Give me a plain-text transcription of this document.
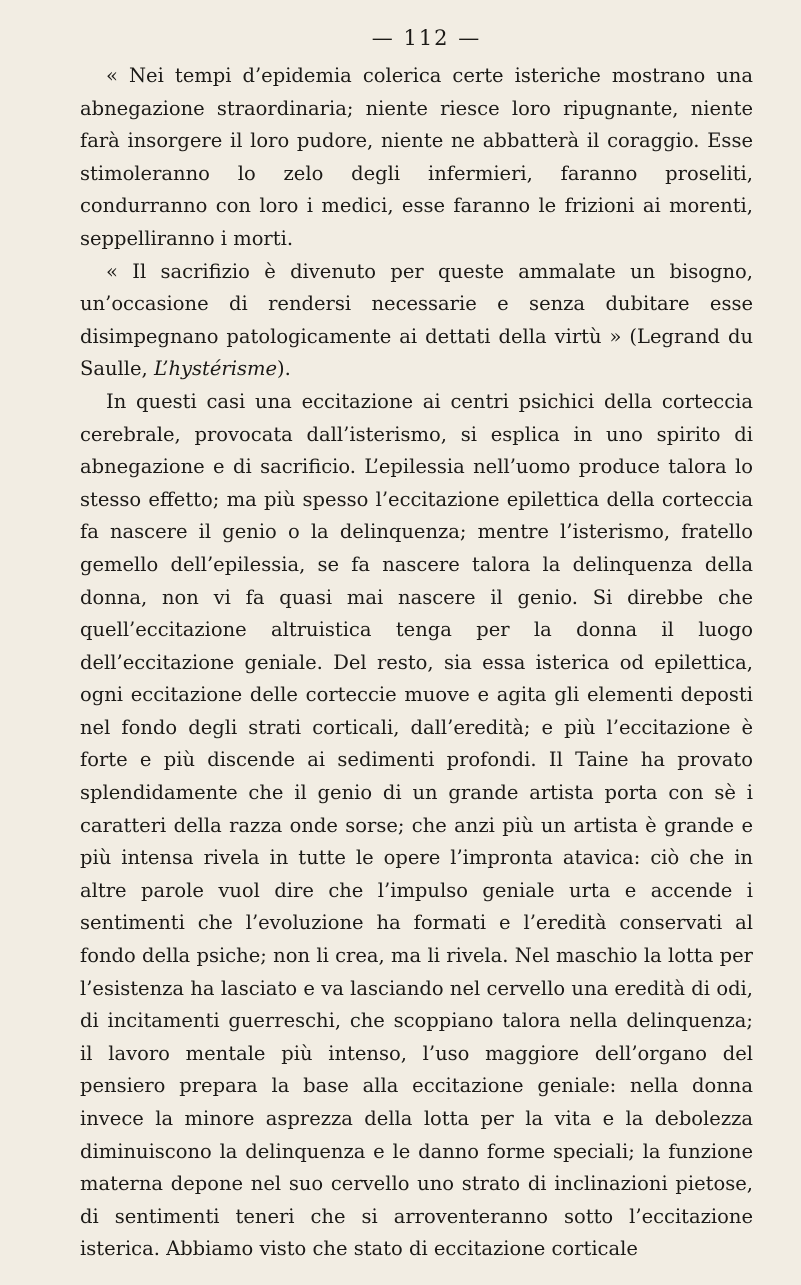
— 112 —

« Nei tempi d’epidemia colerica certe isteriche mostrano una abnegazione straordinaria; niente riesce loro ripugnante, niente farà insorgere il loro pudore, niente ne abbatterà il coraggio. Esse stimoleranno lo zelo degli infermieri, faranno proseliti, condurranno con loro i medici, esse faranno le frizioni ai morenti, seppelliranno i morti.

« Il sacrifizio è divenuto per queste ammalate un bisogno, un’occasione di rendersi necessarie e senza dubitare esse disimpegnano patologicamente ai dettati della virtù » (Legrand du Saulle, L’hystérisme).

In questi casi una eccitazione ai centri psichici della corteccia cerebrale, provocata dall’isterismo, si esplica in uno spirito di abnegazione e di sacrificio. L’epilessia nell’uomo produce talora lo stesso effetto; ma più spesso l’eccitazione epilettica della corteccia fa nascere il genio o la delinquenza; mentre l’isterismo, fratello gemello dell’epilessia, se fa nascere talora la delinquenza della donna, non vi fa quasi mai nascere il genio. Si direbbe che quell’eccitazione altruistica tenga per la donna il luogo dell’eccitazione geniale. Del resto, sia essa isterica od epilettica, ogni eccitazione delle corteccie muove e agita gli elementi deposti nel fondo degli strati corticali, dall’eredità; e più l’eccitazione è forte e più discende ai sedimenti profondi. Il Taine ha provato splendidamente che il genio di un grande artista porta con sè i caratteri della razza onde sorse; che anzi più un artista è grande e più intensa rivela in tutte le opere l’impronta atavica: ciò che in altre parole vuol dire che l’impulso geniale urta e accende i sentimenti che l’evoluzione ha formati e l’eredità conservati al fondo della psiche; non li crea, ma li rivela. Nel maschio la lotta per l’esistenza ha lasciato e va lasciando nel cervello una eredità di odi, di incitamenti guerreschi, che scoppiano talora nella delinquenza; il lavoro mentale più intenso, l’uso maggiore dell’organo del pensiero prepara la base alla eccitazione geniale: nella donna invece la minore asprezza della lotta per la vita e la debolezza diminuiscono la delinquenza e le danno forme speciali; la funzione materna depone nel suo cervello uno strato di inclinazioni pietose, di sentimenti teneri che si arroventeranno sotto l’eccitazione isterica. Abbiamo visto che stato di eccitazione corticale
